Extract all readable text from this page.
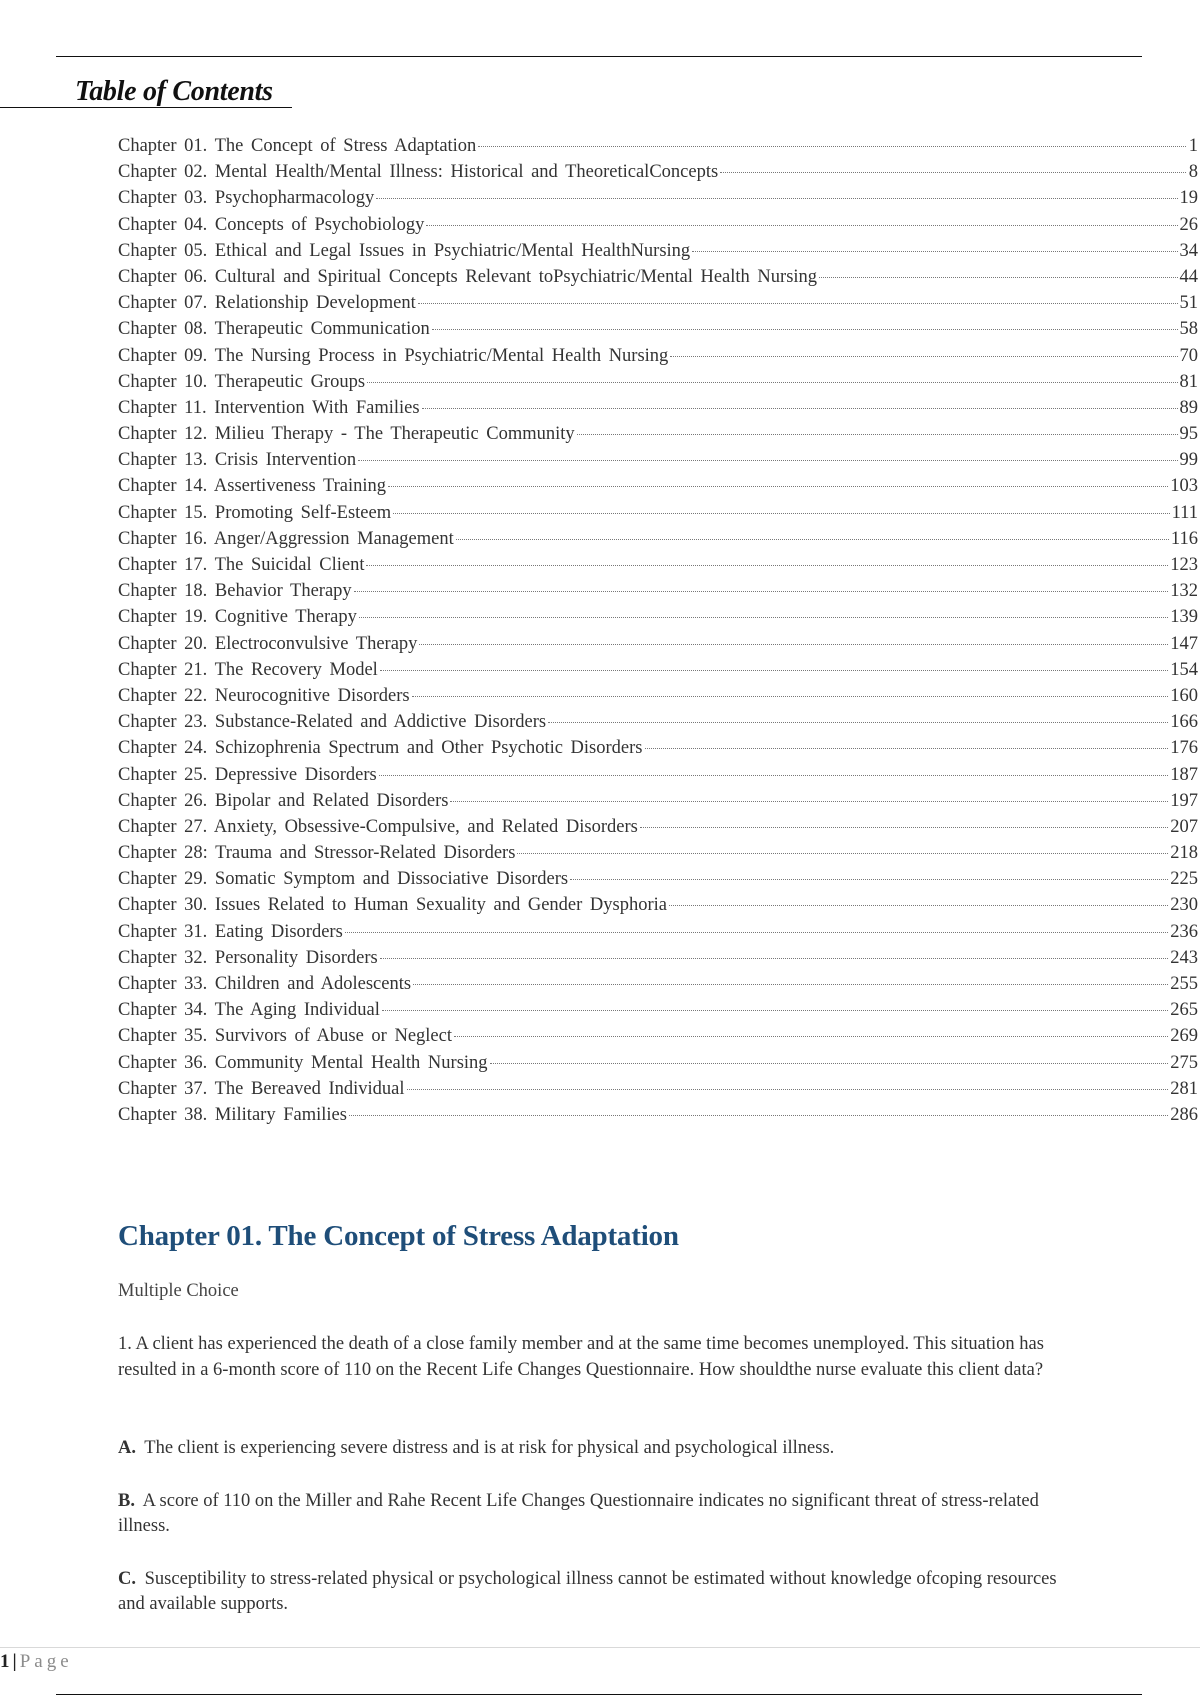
Table of Contents
Chapter 01. The Concept of Stress Adaptation	1
Chapter 02. Mental Health/Mental Illness: Historical and TheoreticalConcepts	8
Chapter 03. Psychopharmacology	19
Chapter 04. Concepts of Psychobiology	26
Chapter 05. Ethical and Legal Issues in Psychiatric/Mental HealthNursing	34
Chapter 06. Cultural and Spiritual Concepts Relevant toPsychiatric/Mental Health Nursing	44
Chapter 07. Relationship Development	51
Chapter 08. Therapeutic Communication	58
Chapter 09. The Nursing Process in Psychiatric/Mental Health Nursing	70
Chapter 10. Therapeutic Groups	81
Chapter 11. Intervention With Families	89
Chapter 12. Milieu Therapy - The Therapeutic Community	95
Chapter 13. Crisis Intervention	99
Chapter 14. Assertiveness Training	103
Chapter 15. Promoting Self-Esteem	111
Chapter 16. Anger/Aggression Management	116
Chapter 17. The Suicidal Client	123
Chapter 18. Behavior Therapy	132
Chapter 19. Cognitive Therapy	139
Chapter 20. Electroconvulsive Therapy	147
Chapter 21. The Recovery Model	154
Chapter 22. Neurocognitive Disorders	160
Chapter 23. Substance-Related and Addictive Disorders	166
Chapter 24. Schizophrenia Spectrum and Other Psychotic Disorders	176
Chapter 25. Depressive Disorders	187
Chapter 26. Bipolar and Related Disorders	197
Chapter 27. Anxiety, Obsessive-Compulsive, and Related Disorders	207
Chapter 28: Trauma and Stressor-Related Disorders	218
Chapter 29. Somatic Symptom and Dissociative Disorders	225
Chapter 30. Issues Related to Human Sexuality and Gender Dysphoria	230
Chapter 31. Eating Disorders	236
Chapter 32. Personality Disorders	243
Chapter 33. Children and Adolescents	255
Chapter 34. The Aging Individual	265
Chapter 35. Survivors of Abuse or Neglect	269
Chapter 36. Community Mental Health Nursing	275
Chapter 37. The Bereaved Individual	281
Chapter 38. Military Families	286
Chapter 01. The Concept of Stress Adaptation
Multiple Choice

1. A client has experienced the death of a close family member and at the same time becomes unemployed. This situation has resulted in a 6-month score of 110 on the Recent Life Changes Questionnaire. How shouldthe nurse evaluate this client data?

A. The client is experiencing severe distress and is at risk for physical and psychological illness.
B. A score of 110 on the Miller and Rahe Recent Life Changes Questionnaire indicates no significant threat of stress-related illness.
C. Susceptibility to stress-related physical or psychological illness cannot be estimated without knowledge ofcoping resources and available supports.
1 | Page
